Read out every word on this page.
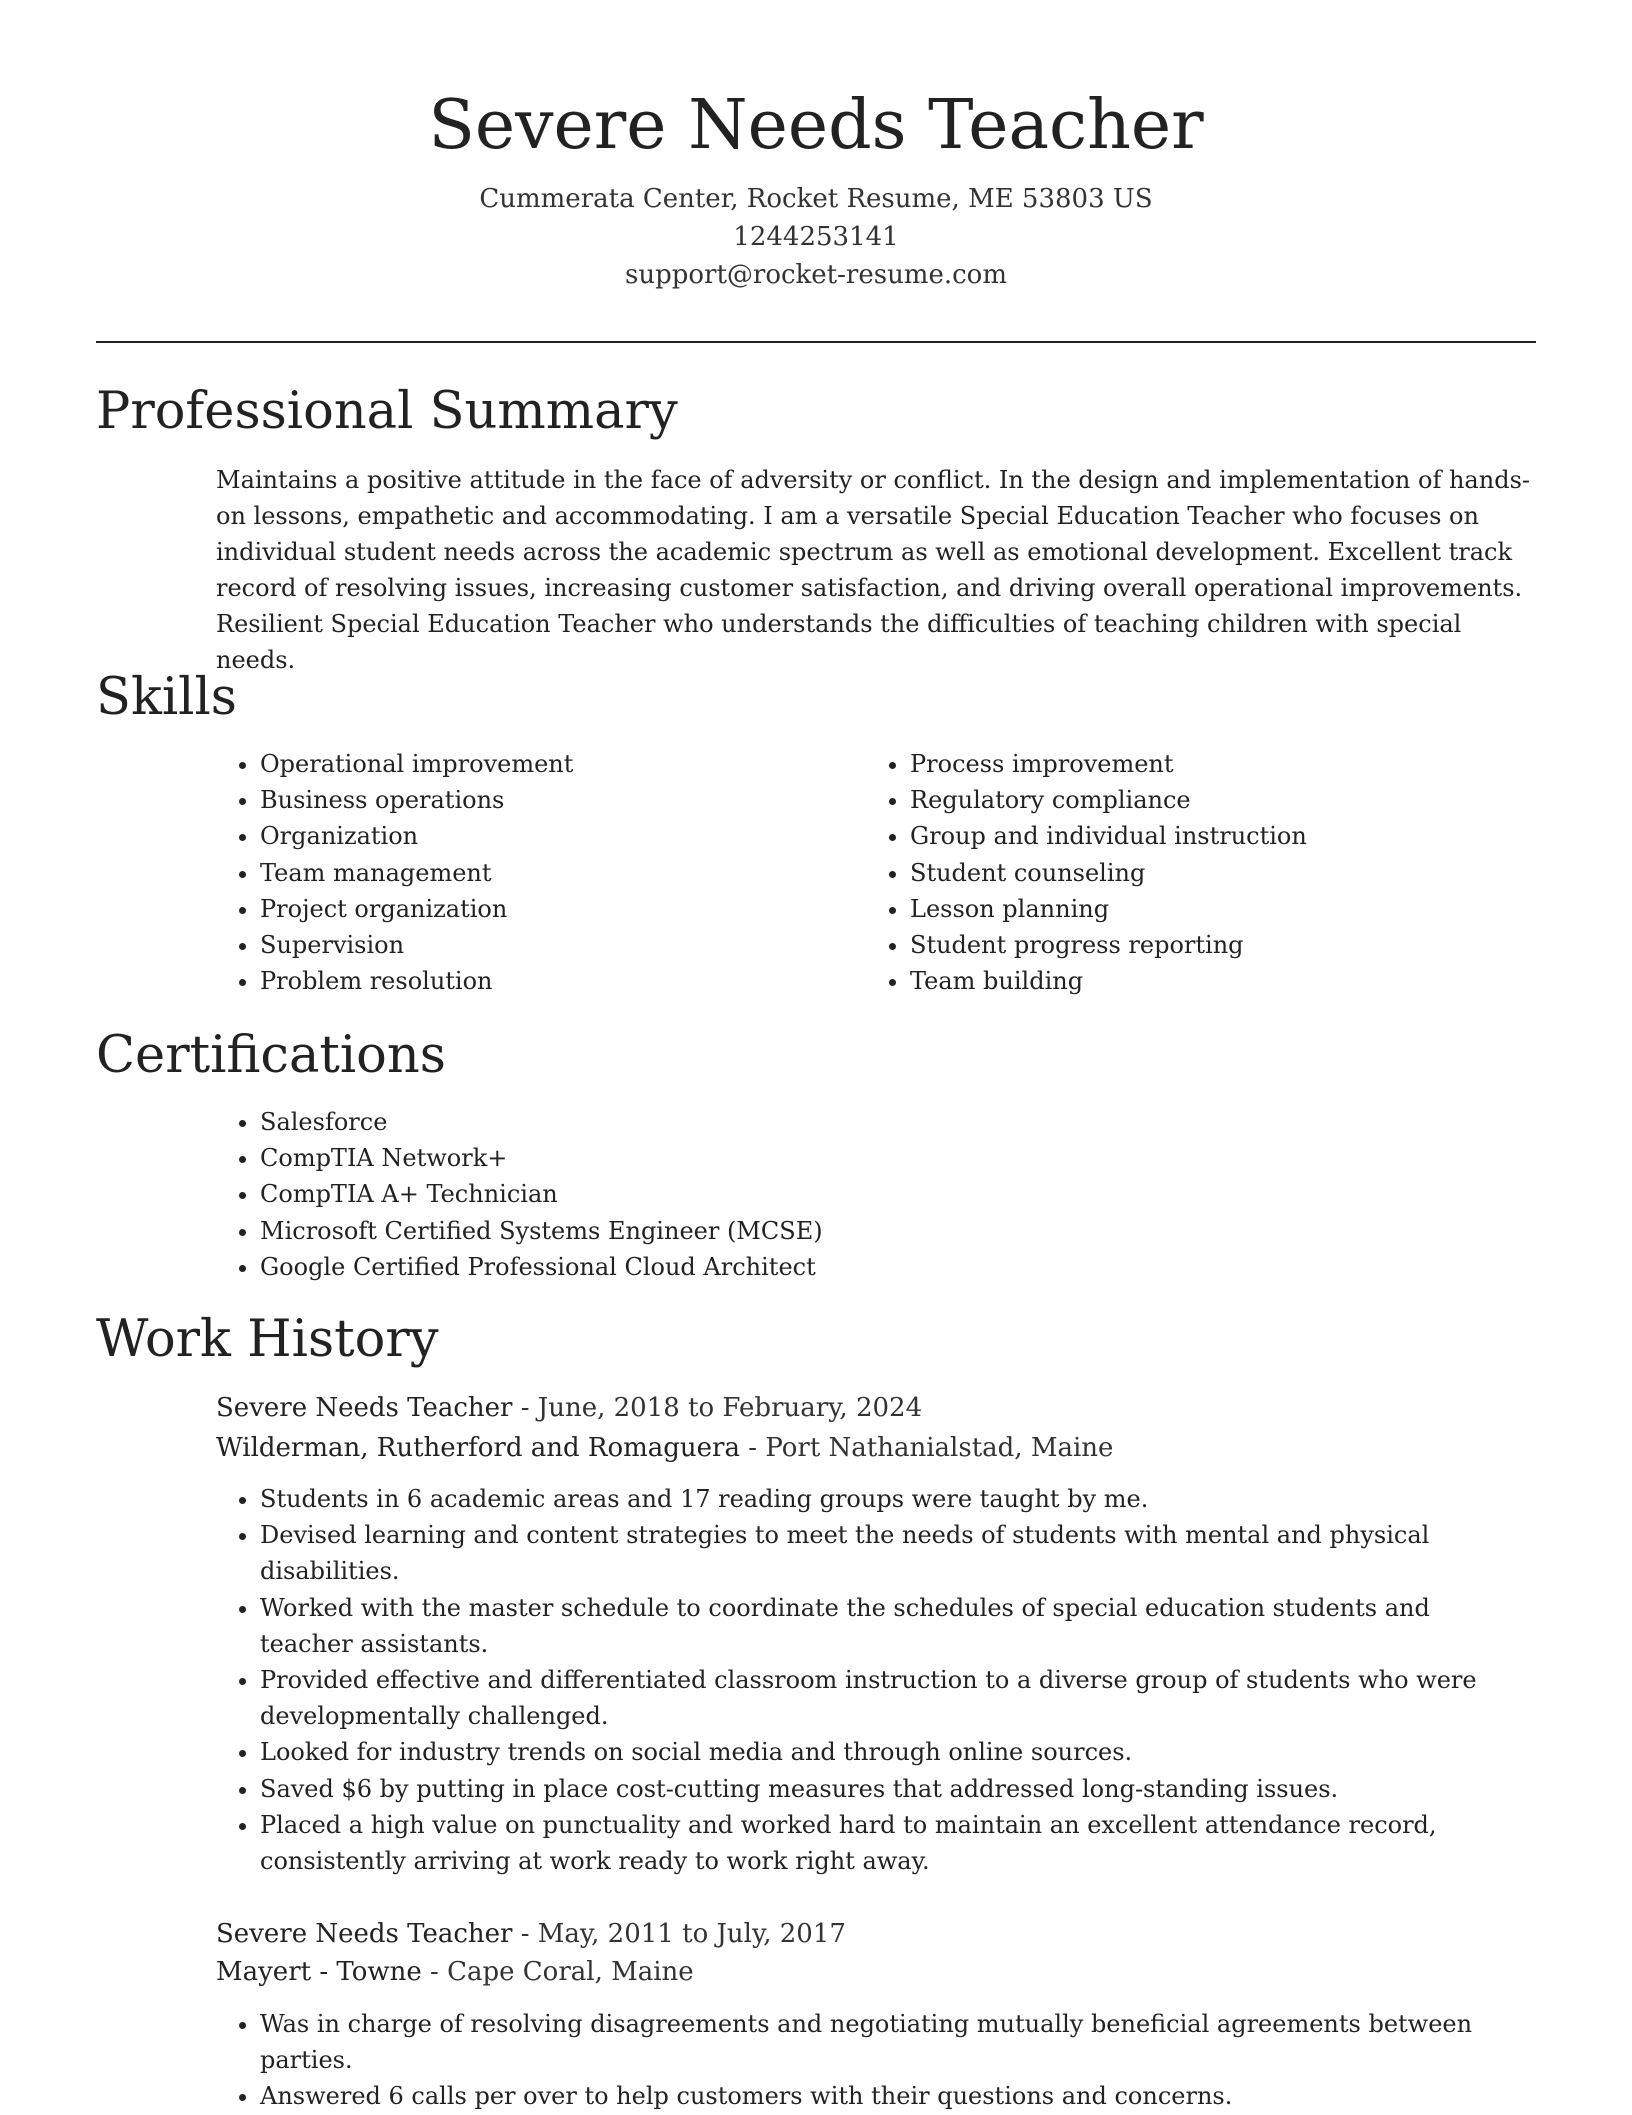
Severe Needs Teacher
Cummerata Center, Rocket Resume, ME 53803 US
1244253141
support@rocket-resume.com
Professional Summary

Maintains a positive attitude in the face of adversity or conflict. In the design and implementation of hands-on lessons, empathetic and accommodating. I am a versatile Special Education Teacher who focuses on individual student needs across the academic spectrum as well as emotional development. Excellent track record of resolving issues, increasing customer satisfaction, and driving overall operational improvements. Resilient Special Education Teacher who understands the difficulties of teaching children with special needs.

Skills
• Operational improvement
• Business operations
• Organization
• Team management
• Project organization
• Supervision
• Problem resolution
• Process improvement
• Regulatory compliance
• Group and individual instruction
• Student counseling
• Lesson planning
• Student progress reporting
• Team building
Certifications
• Salesforce
• CompTIA Network+
• CompTIA A+ Technician
• Microsoft Certified Systems Engineer (MCSE)
• Google Certified Professional Cloud Architect
Work History
Severe Needs Teacher - June, 2018 to February, 2024
Wilderman, Rutherford and Romaguera - Port Nathanialstad, Maine
• Students in 6 academic areas and 17 reading groups were taught by me.
• Devised learning and content strategies to meet the needs of students with mental and physical disabilities.
• Worked with the master schedule to coordinate the schedules of special education students and teacher assistants.
• Provided effective and differentiated classroom instruction to a diverse group of students who were developmentally challenged.
• Looked for industry trends on social media and through online sources.
• Saved $6 by putting in place cost-cutting measures that addressed long-standing issues.
• Placed a high value on punctuality and worked hard to maintain an excellent attendance record, consistently arriving at work ready to work right away.
Severe Needs Teacher - May, 2011 to July, 2017
Mayert - Towne - Cape Coral, Maine
• Was in charge of resolving disagreements and negotiating mutually beneficial agreements between parties.
• Answered 6 calls per over to help customers with their questions and concerns.
